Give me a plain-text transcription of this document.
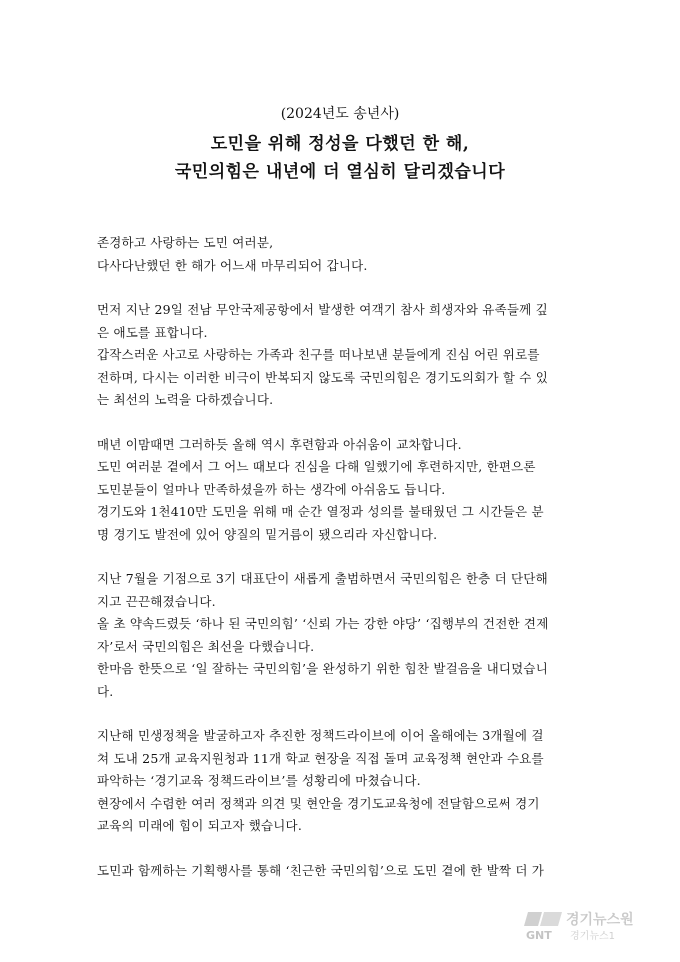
(2024년도 송년사)

도민을 위해 정성을 다했던 한 해,

국민의힘은 내년에 더 열심히 달리겠습니다

존경하고 사랑하는 도민 여러분,
다사다난했던 한 해가 어느새 마무리되어 갑니다.
먼저 지난 29일 전남 무안국제공항에서 발생한 여객기 참사 희생자와 유족들께 깊
은 애도를 표합니다.
갑작스러운 사고로 사랑하는 가족과 친구를 떠나보낸 분들에게 진심 어린 위로를
전하며, 다시는 이러한 비극이 반복되지 않도록 국민의힘은 경기도의회가 할 수 있
는 최선의 노력을 다하겠습니다.
매년 이맘때면 그러하듯 올해 역시 후련함과 아쉬움이 교차합니다.
도민 여러분 곁에서 그 어느 때보다 진심을 다해 일했기에 후련하지만, 한편으론
도민분들이 얼마나 만족하셨을까 하는 생각에 아쉬움도 듭니다.
경기도와 1천410만 도민을 위해 매 순간 열정과 성의를 불태웠던 그 시간들은 분
명 경기도 발전에 있어 양질의 밑거름이 됐으리라 자신합니다.
지난 7월을 기점으로 3기 대표단이 새롭게 출범하면서 국민의힘은 한층 더 단단해
지고 끈끈해졌습니다.
올 초 약속드렸듯 ‘하나 된 국민의힘’ ‘신뢰 가는 강한 야당’ ‘집행부의 건전한 견제
자’로서 국민의힘은 최선을 다했습니다.
한마음 한뜻으로 ‘일 잘하는 국민의힘’을 완성하기 위한 힘찬 발걸음을 내디뎠습니
다.
지난해 민생정책을 발굴하고자 추진한 정책드라이브에 이어 올해에는 3개월에 걸
쳐 도내 25개 교육지원청과 11개 학교 현장을 직접 돌며 교육정책 현안과 수요를
파악하는 ‘경기교육 정책드라이브’를 성황리에 마쳤습니다.
현장에서 수렴한 여러 정책과 의견 및 현안을 경기도교육청에 전달함으로써 경기
교육의 미래에 힘이 되고자 했습니다.
도민과 함께하는 기획행사를 통해 ‘친근한 국민의힘’으로 도민 곁에 한 발짝 더 가
GNT
경기뉴스원
경기뉴스1
